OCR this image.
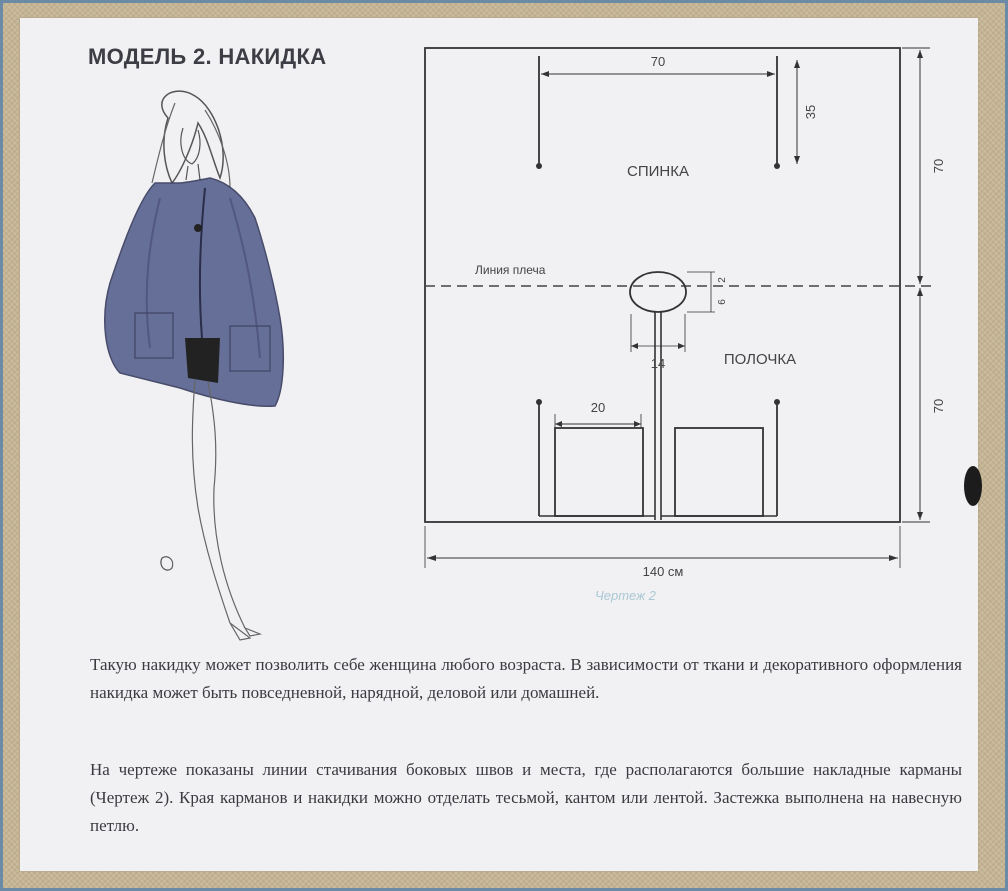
МОДЕЛЬ 2. НАКИДКА	70
35
СПИНКА
ПОЛОЧКА
Линия плеча
2
6
14
20
70
70
140 см
Чертеж 2
Такую накидку может позволить себе женщина любого возраста. В зависимости от ткани и декоративного оформления накидка может быть повседневной, нарядной, деловой или домашней.
На чертеже показаны линии стачивания боковых швов и места, где располагаются большие накладные карманы (Чертеж 2). Края карманов и накидки можно отделать тесьмой, кантом или лентой. Застежка выполнена на навесную петлю.
